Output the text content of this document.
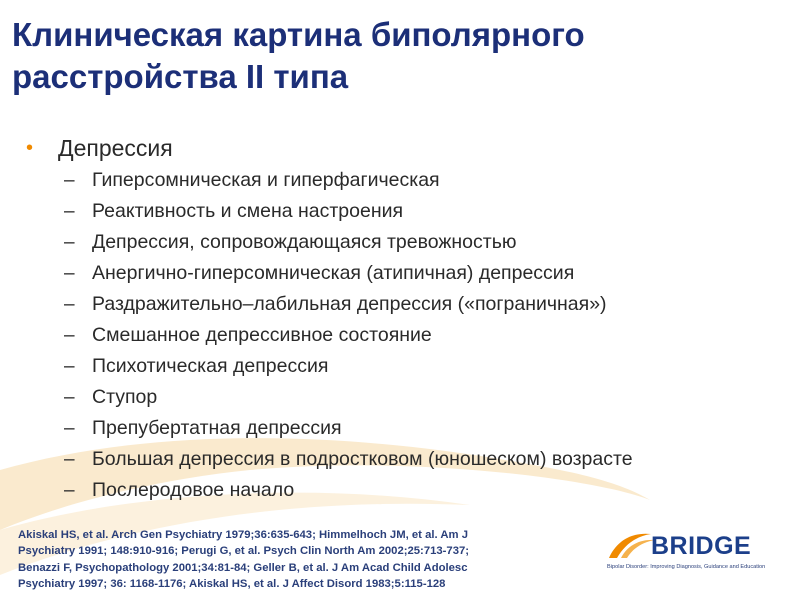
Клиническая картина биполярного расстройства II типа
•	Депрессия
– Гиперсомническая и гиперфагическая
– Реактивность и смена настроения
– Депрессия, сопровождающаяся тревожностью
– Анергично-гиперсомническая (атипичная) депрессия
– Раздражительно–лабильная депрессия («пограничная»)
– Смешанное депрессивное состояние
– Психотическая депрессия
– Ступор
– Препубертатная депрессия
– Большая депрессия в подростковом (юношеском) возрасте
– Послеродовое начало

Akiskal HS, et al. Arch Gen Psychiatry 1979;36:635-643; Himmelhoch JM, et al. Am J
Psychiatry 1991; 148:910-916; Perugi G, et al. Psych Clin North Am 2002;25:713-737;
Benazzi F, Psychopathology 2001;34:81-84; Geller B, et al. J Am Acad Child Adolesc
Psychiatry 1997; 36: 1168-1176; Akiskal HS, et al. J Affect Disord 1983;5:115-128

BRIDGE
Bipolar Disorder: Improving Diagnosis, Guidance and Education
